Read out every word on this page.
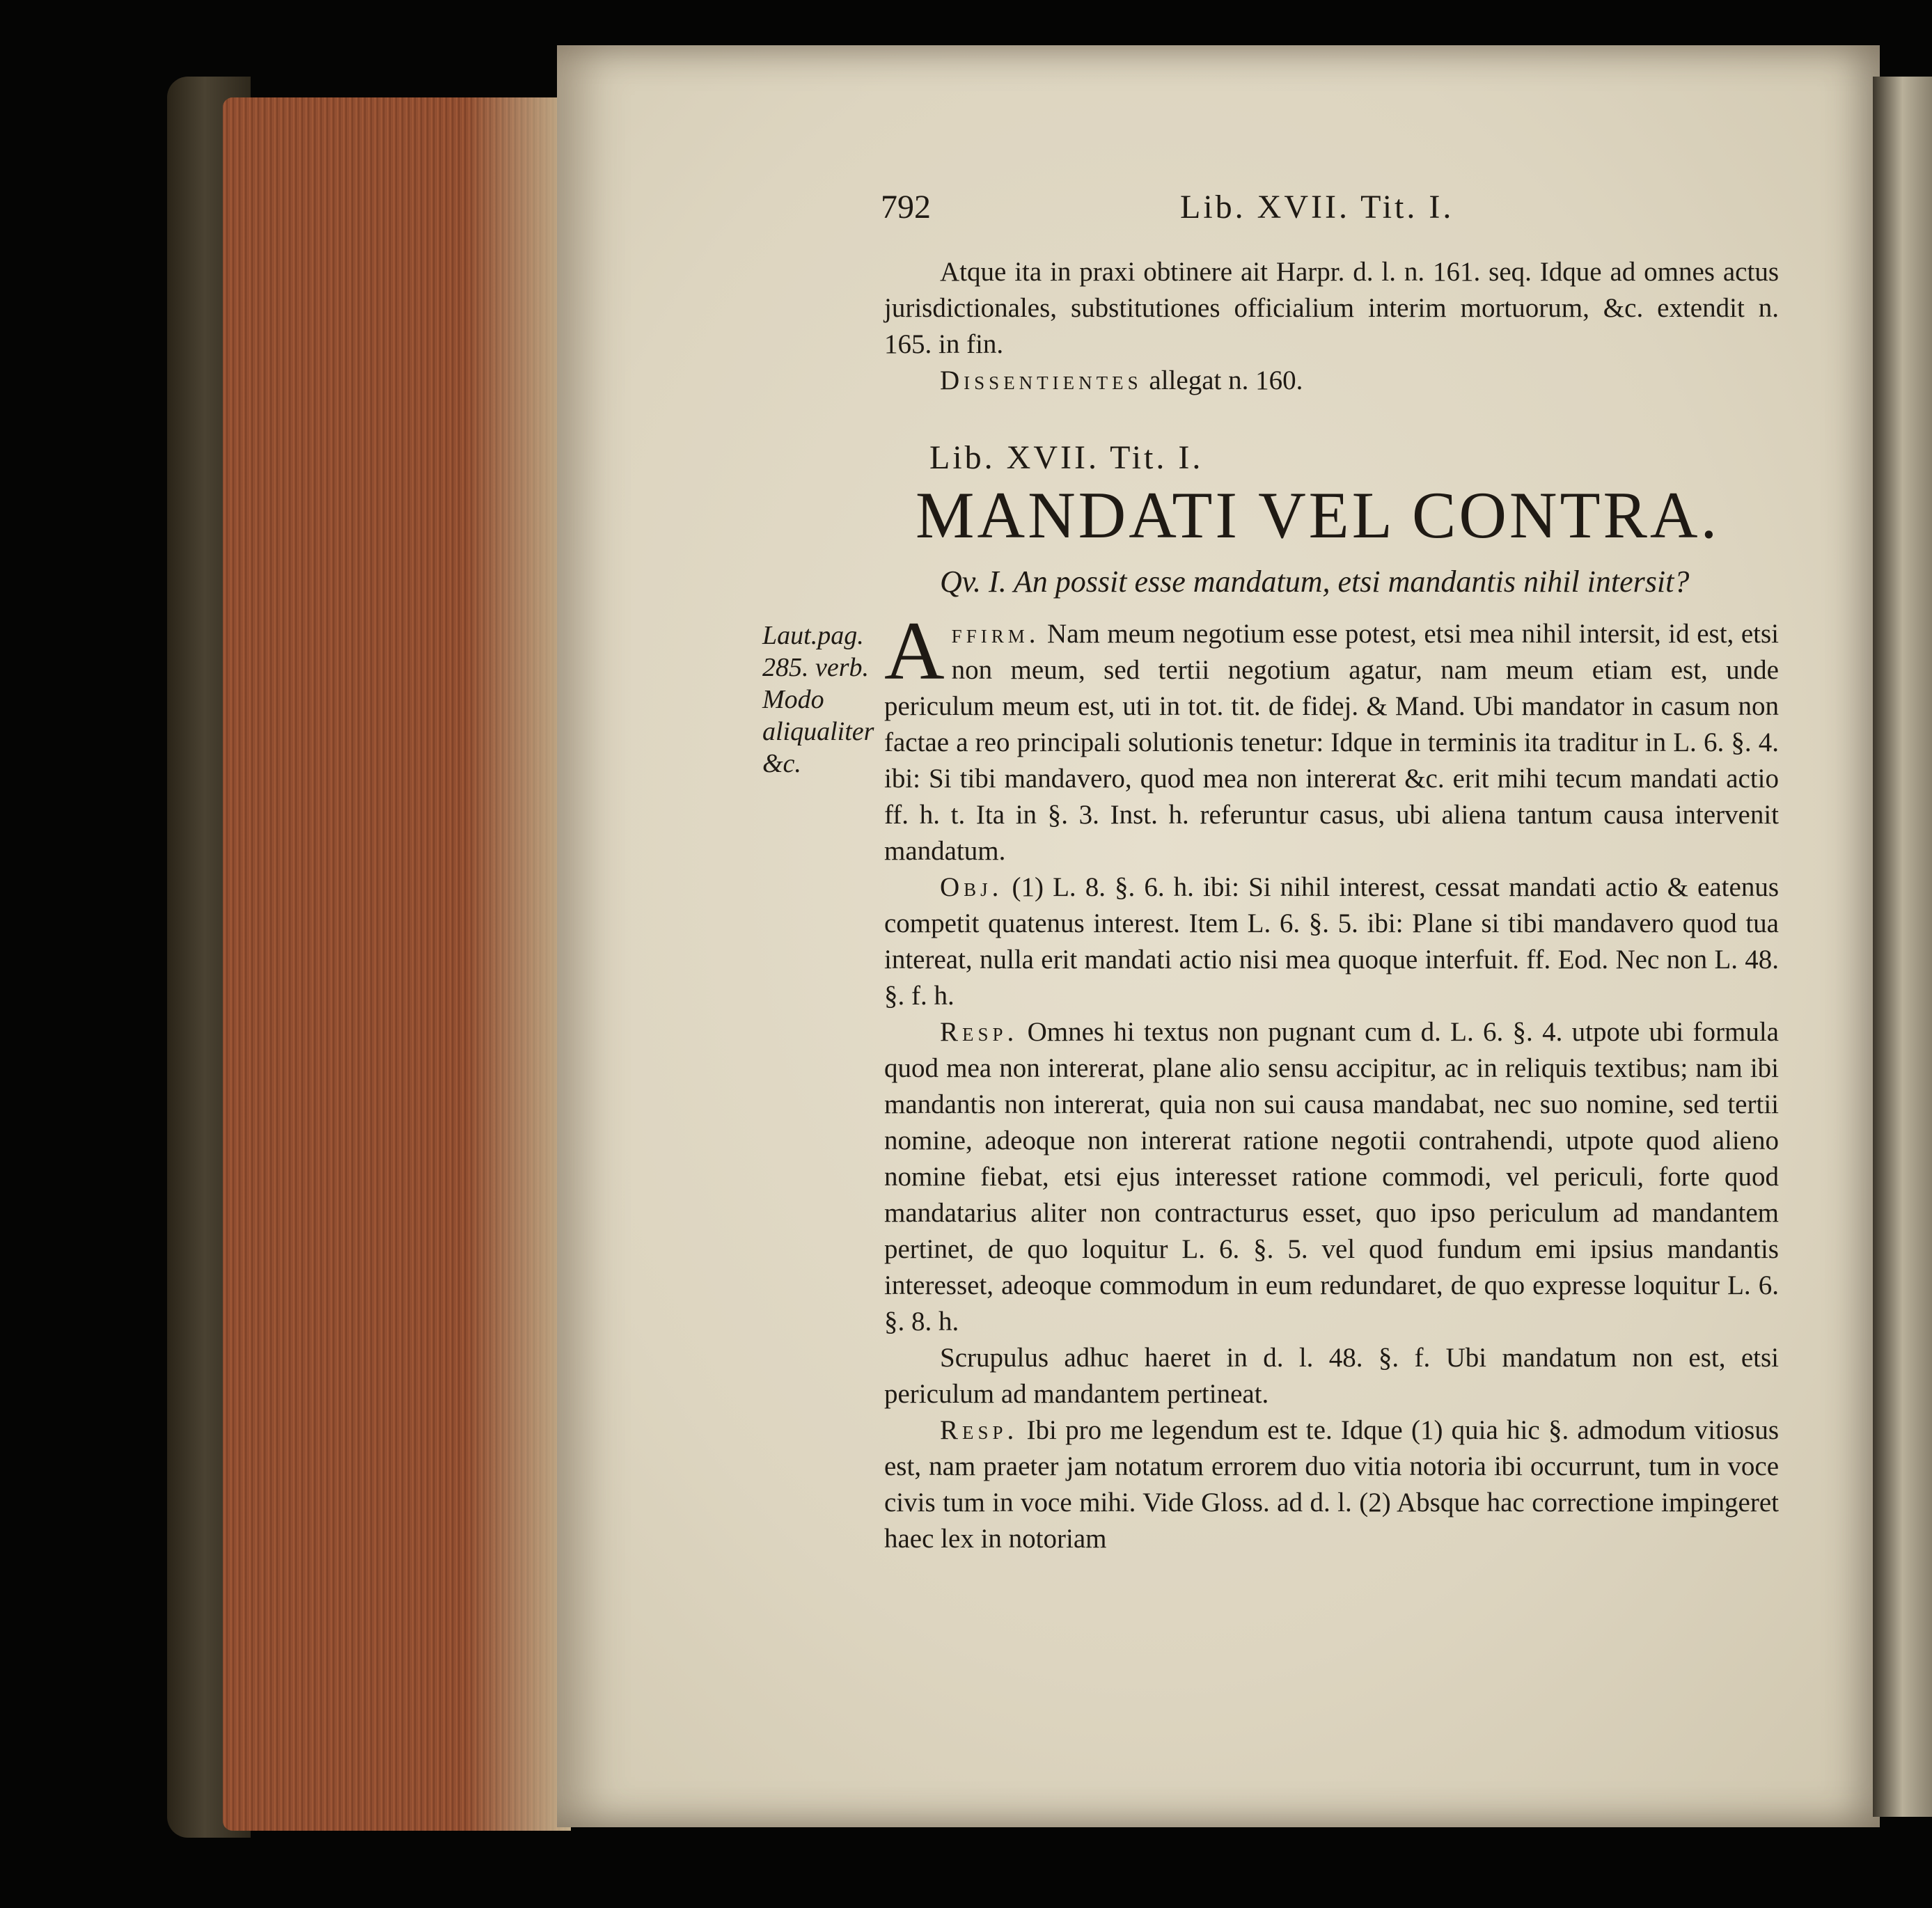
792	Lib. XVII. Tit. I.

Atque ita in praxi obtinere ait Harpr. d. l. n. 161. seq. Idque ad omnes actus jurisdictionales, substitutiones officialium interim mortuorum, &c. extendit n. 165. in fin.

Dissentientes allegat n. 160.

Lib. XVII. Tit. I.
MANDATI VEL CONTRA.
Qv. I. An possit esse mandatum, etsi mandantis nihil intersit?
Laut.pag. 285. verb. Modo aliqualiter &c.

A ffirm. Nam meum negotium esse potest, etsi mea nihil intersit, id est, etsi non meum, sed tertii negotium agatur, nam meum etiam est, unde periculum meum est, uti in tot. tit. de fidej. & Mand. Ubi mandator in casum non factae a reo principali solutionis tenetur: Idque in terminis ita traditur in L. 6. §. 4. ibi: Si tibi mandavero, quod mea non intererat &c. erit mihi tecum mandati actio ff. h. t. Ita in §. 3. Inst. h. referuntur casus, ubi aliena tantum causa intervenit mandatum.

Obj. (1) L. 8. §. 6. h. ibi: Si nihil interest, cessat mandati actio & eatenus competit quatenus interest. Item L. 6. §. 5. ibi: Plane si tibi mandavero quod tua intereat, nulla erit mandati actio nisi mea quoque interfuit. ff. Eod. Nec non L. 48. §. f. h.

Resp. Omnes hi textus non pugnant cum d. L. 6. §. 4. utpote ubi formula quod mea non intererat, plane alio sensu accipitur, ac in reliquis textibus; nam ibi mandantis non intererat, quia non sui causa mandabat, nec suo nomine, sed tertii nomine, adeoque non intererat ratione negotii contrahendi, utpote quod alieno nomine fiebat, etsi ejus interesset ratione commodi, vel periculi, forte quod mandatarius aliter non contracturus esset, quo ipso periculum ad mandantem pertinet, de quo loquitur L. 6. §. 5. vel quod fundum emi ipsius mandantis interesset, adeoque commodum in eum redundaret, de quo expresse loquitur L. 6. §. 8. h.

Scrupulus adhuc haeret in d. l. 48. §. f. Ubi mandatum non est, etsi periculum ad mandantem pertineat.

Resp. Ibi pro me legendum est te. Idque (1) quia hic §. admodum vitiosus est, nam praeter jam notatum errorem duo vitia notoria ibi occurrunt, tum in voce civis tum in voce mihi. Vide Gloss. ad d. l. (2) Absque hac correctione impingeret haec lex in notoriam
